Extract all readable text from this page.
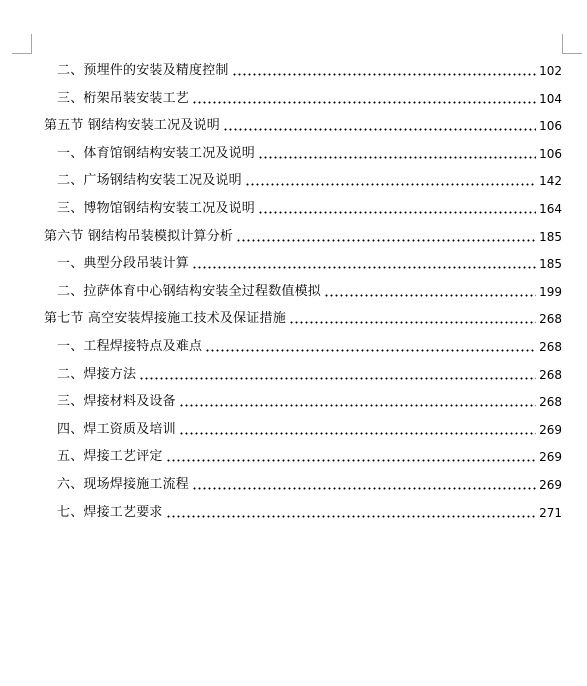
二、预埋件的安装及精度控制	102
三、桁架吊装安装工艺	104
第五节 钢结构安装工况及说明	106
一、体育馆钢结构安装工况及说明	106
二、广场钢结构安装工况及说明	142
三、博物馆钢结构安装工况及说明	164
第六节 钢结构吊装模拟计算分析	185
一、典型分段吊装计算	185
二、拉萨体育中心钢结构安装全过程数值模拟	199
第七节 高空安装焊接施工技术及保证措施	268
一、工程焊接特点及难点	268
二、焊接方法	268
三、焊接材料及设备	268
四、焊工资质及培训	269
五、焊接工艺评定	269
六、现场焊接施工流程	269
七、焊接工艺要求	271
